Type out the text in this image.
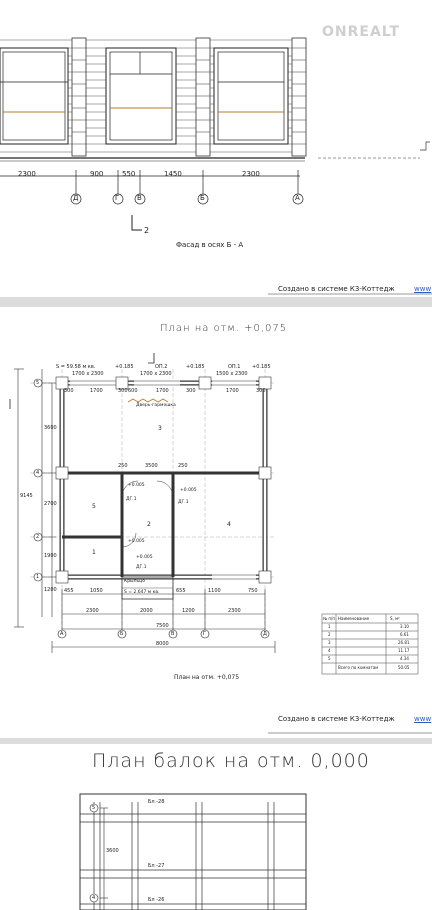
ONREALT
2300	900	550	1450	2300
Д	Г	В	Б	А
2
Фасад в осях Б - А
Создано в системе К3-Коттедж	www
План на отм. +0,075
S = 59.58 м кв.	+0.185	ОП.2	+0.185	ОП.1 +0.185
1700 x 2300	1700 x 2300	1500 x 2300
300	1700	300 600	1700	300	1700	300
Дверь-гармошка
3
5
2	4
1
250	3500	250
+0.005
+0.005
+0.005
+0.005
ДГ.1
ДГ.1
ДГ.1
3600
2700
1900
1200
9145
5
4
2
1
Крыльцо
S = 2.647 м кв.
455	1050	655	1100	750
2300	2000	1200	2300
7500
8000
А	Б	В	Г	Д
План на отм. +0,075
№ п/п Наименование	S, м²
1	3.10
2	6.61
3	26.81
4	11.17
5	4.34
Всего по комнатам	50.05
Создано в системе К3-Коттедж	www
План балок на отм. 0,000
5
4
Бл -28
Бл -27
Бл -26
3600
